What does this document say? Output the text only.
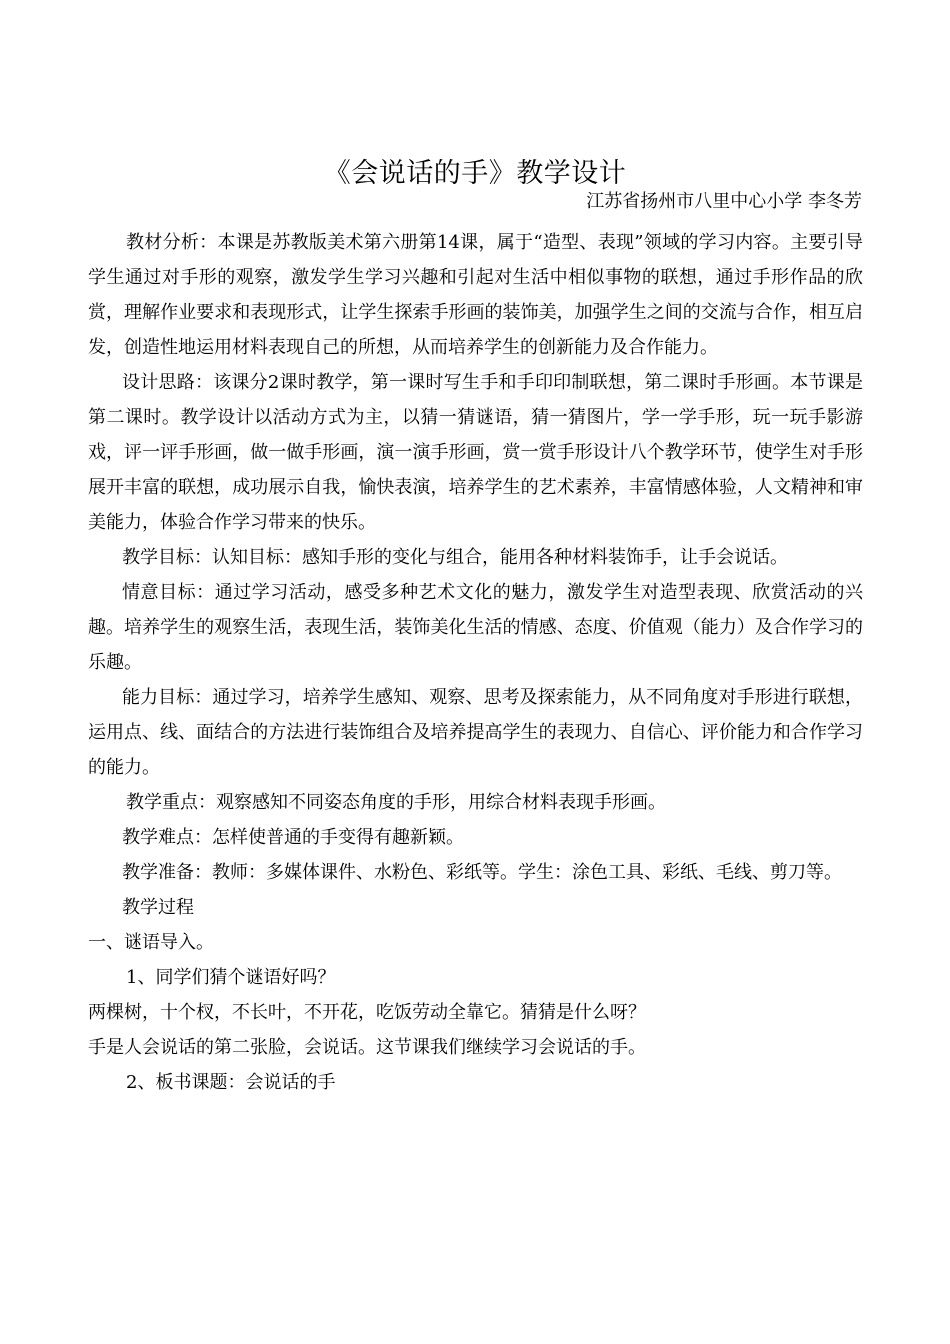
《会说话的手》教学设计
江苏省扬州市八里中心小学 李冬芳

教材分析：本课是苏教版美术第六册第14课，属于“造型、表现”领域的学习内容。主要引导学生通过对手形的观察，激发学生学习兴趣和引起对生活中相似事物的联想，通过手形作品的欣赏，理解作业要求和表现形式，让学生探索手形画的装饰美，加强学生之间的交流与合作，相互启发，创造性地运用材料表现自己的所想，从而培养学生的创新能力及合作能力。

设计思路：该课分2课时教学，第一课时写生手和手印印制联想，第二课时手形画。本节课是第二课时。教学设计以活动方式为主，以猜一猜谜语，猜一猜图片，学一学手形，玩一玩手影游戏，评一评手形画，做一做手形画，演一演手形画，赏一赏手形设计八个教学环节，使学生对手形展开丰富的联想，成功展示自我，愉快表演，培养学生的艺术素养，丰富情感体验，人文精神和审美能力，体验合作学习带来的快乐。

教学目标：认知目标：感知手形的变化与组合，能用各种材料装饰手，让手会说话。

情意目标：通过学习活动，感受多种艺术文化的魅力，激发学生对造型表现、欣赏活动的兴趣。培养学生的观察生活，表现生活，装饰美化生活的情感、态度、价值观（能力）及合作学习的乐趣。

能力目标：通过学习，培养学生感知、观察、思考及探索能力，从不同角度对手形进行联想，运用点、线、面结合的方法进行装饰组合及培养提高学生的表现力、自信心、评价能力和合作学习的能力。

教学重点：观察感知不同姿态角度的手形，用综合材料表现手形画。

教学难点：怎样使普通的手变得有趣新颖。

教学准备：教师：多媒体课件、水粉色、彩纸等。学生：涂色工具、彩纸、毛线、剪刀等。

教学过程

一、谜语导入。

1、同学们猜个谜语好吗？

两棵树，十个杈，不长叶，不开花，吃饭劳动全靠它。猜猜是什么呀？

手是人会说话的第二张脸，会说话。这节课我们继续学习会说话的手。

2、板书课题：会说话的手
